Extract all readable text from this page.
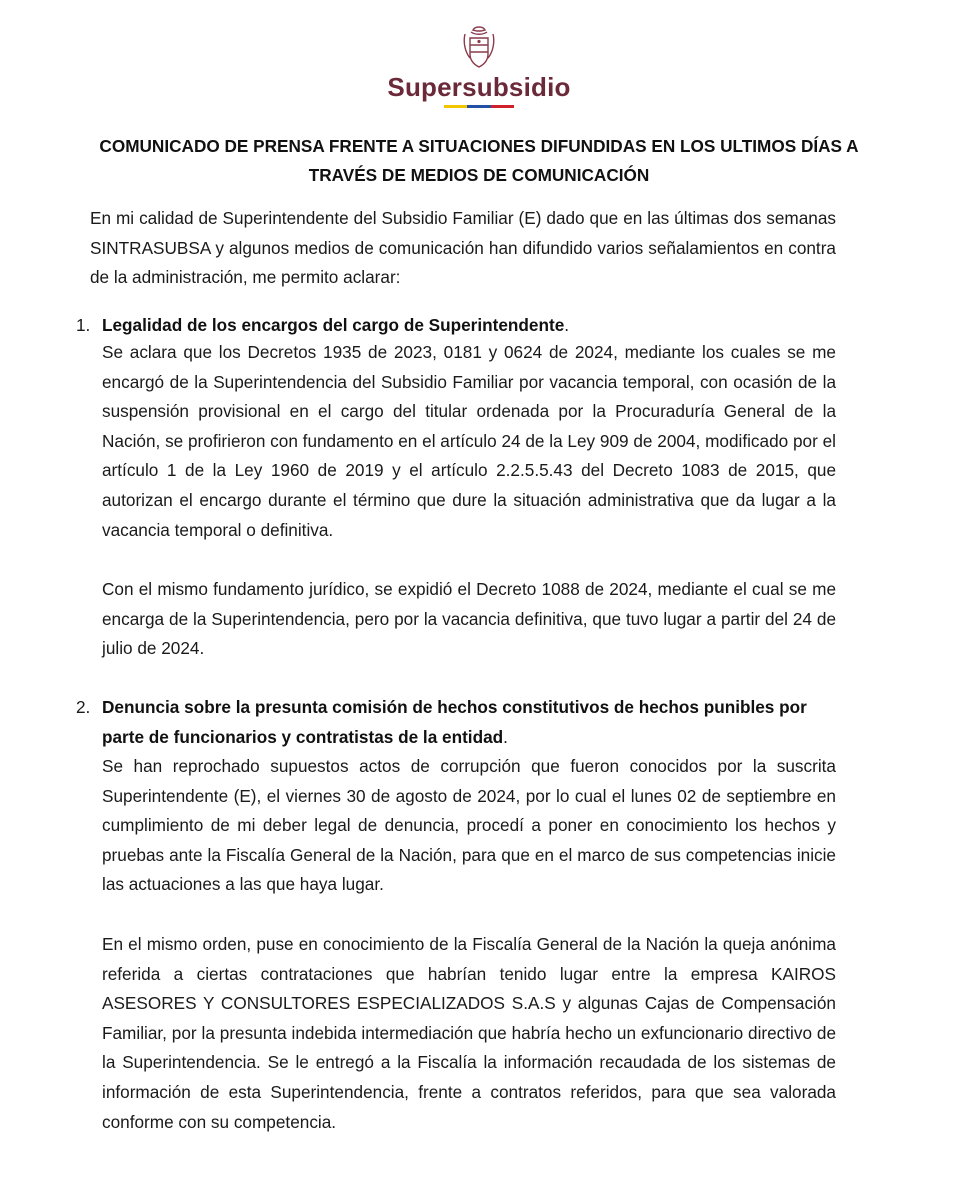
Supersubsidio
COMUNICADO DE PRENSA FRENTE A SITUACIONES DIFUNDIDAS EN LOS ULTIMOS DÍAS A
TRAVÉS DE MEDIOS DE COMUNICACIÓN
En mi calidad de Superintendente del Subsidio Familiar (E) dado que en las últimas dos semanas SINTRASUBSA y algunos medios de comunicación han difundido varios señalamientos en contra de la administración, me permito aclarar:
1. Legalidad de los encargos del cargo de Superintendente.
Se aclara que los Decretos 1935 de 2023, 0181 y 0624 de 2024, mediante los cuales se me encargó de la Superintendencia del Subsidio Familiar por vacancia temporal, con ocasión de la suspensión provisional en el cargo del titular ordenada por la Procuraduría General de la Nación, se profirieron con fundamento en el artículo 24 de la Ley 909 de 2004, modificado por el artículo 1 de la Ley 1960 de 2019 y el artículo 2.2.5.5.43 del Decreto 1083 de 2015, que autorizan el encargo durante el término que dure la situación administrativa que da lugar a la vacancia temporal o definitiva.
Con el mismo fundamento jurídico, se expidió el Decreto 1088 de 2024, mediante el cual se me encarga de la Superintendencia, pero por la vacancia definitiva, que tuvo lugar a partir del 24 de julio de 2024.
2. Denuncia sobre la presunta comisión de hechos constitutivos de hechos punibles por parte de funcionarios y contratistas de la entidad.
Se han reprochado supuestos actos de corrupción que fueron conocidos por la suscrita Superintendente (E), el viernes 30 de agosto de 2024, por lo cual el lunes 02 de septiembre en cumplimiento de mi deber legal de denuncia, procedí a poner en conocimiento los hechos y pruebas ante la Fiscalía General de la Nación, para que en el marco de sus competencias inicie las actuaciones a las que haya lugar.
En el mismo orden, puse en conocimiento de la Fiscalía General de la Nación la queja anónima referida a ciertas contrataciones que habrían tenido lugar entre la empresa KAIROS ASESORES Y CONSULTORES ESPECIALIZADOS S.A.S y algunas Cajas de Compensación Familiar, por la presunta indebida intermediación que habría hecho un exfuncionario directivo de la Superintendencia. Se le entregó a la Fiscalía la información recaudada de los sistemas de información de esta Superintendencia, frente a contratos referidos, para que sea valorada conforme con su competencia.
